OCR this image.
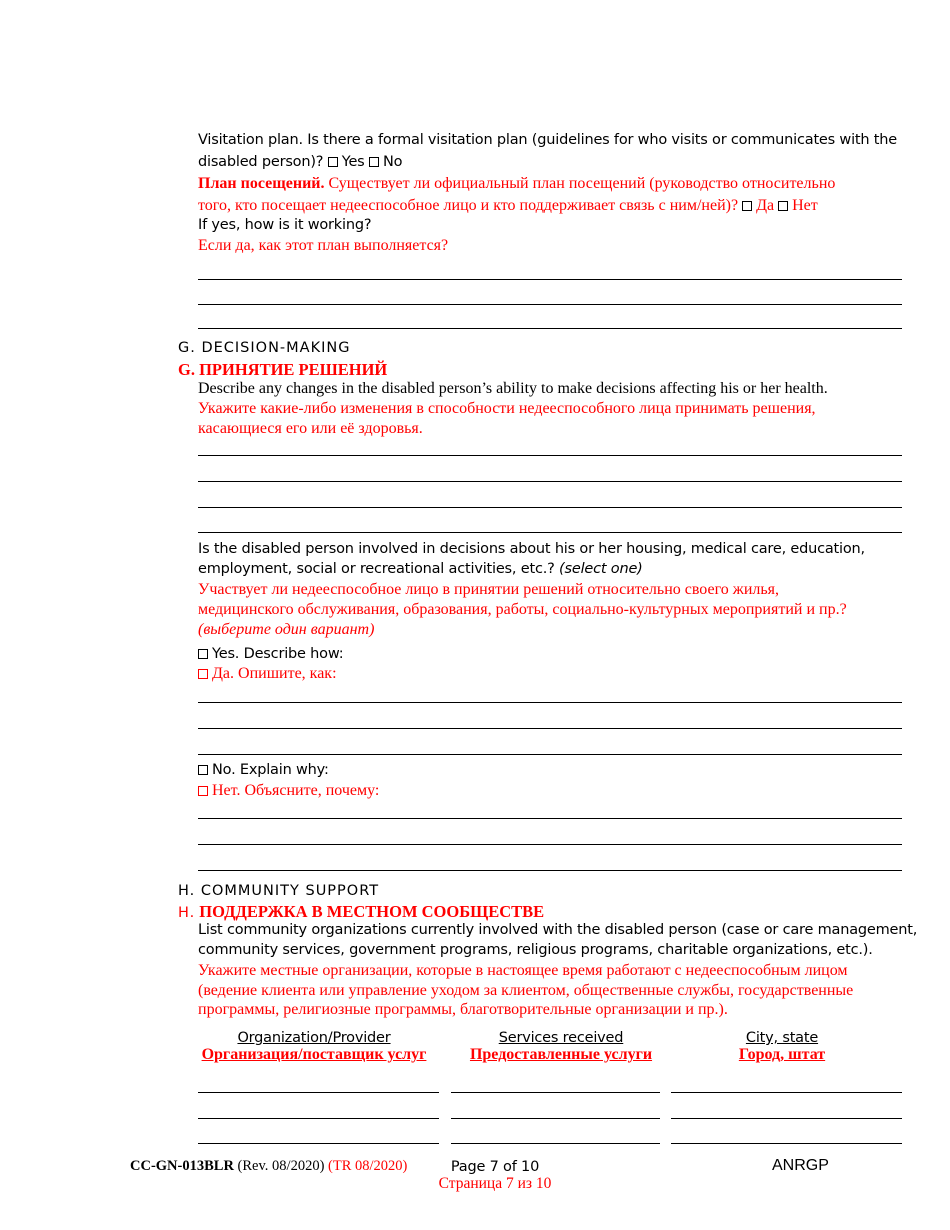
Visitation plan. Is there a formal visitation plan (guidelines for who visits or communicates with the
disabled person)? Yes No
План посещений. Существует ли официальный план посещений (руководство относительно
того, кто посещает недееспособное лицо и кто поддерживает связь с ним/ней)? Да Нет
If yes, how is it working?
Если да, как этот план выполняется?
G. DECISION-MAKING
G. ПРИНЯТИЕ РЕШЕНИЙ
Describe any changes in the disabled person’s ability to make decisions affecting his or her health.
Укажите какие-либо изменения в способности недееспособного лица принимать решения,
касающиеся его или её здоровья.
Is the disabled person involved in decisions about his or her housing, medical care, education,
employment, social or recreational activities, etc.? (select one)
Участвует ли недееспособное лицо в принятии решений относительно своего жилья,
медицинского обслуживания, образования, работы, социально-культурных мероприятий и пр.?
(выберите один вариант)
Yes. Describe how:
Да. Опишите, как:
No. Explain why:
Нет. Объясните, почему:
H. COMMUNITY SUPPORT
H. ПОДДЕРЖКА В МЕСТНОМ СООБЩЕСТВЕ
List community organizations currently involved with the disabled person (case or care management,
community services, government programs, religious programs, charitable organizations, etc.).
Укажите местные организации, которые в настоящее время работают с недееспособным лицом
(ведение клиента или управление уходом за клиентом, общественные службы, государственные
программы, религиозные программы, благотворительные организации и пр.).
Organization/Provider
Организация/поставщик услуг
Services received
Предоставленные услуги
City, state
Город, штат
CC-GN-013BLR (Rev. 08/2020) (TR 08/2020)	Page 7 of 10
Страница 7 из 10
ANRGP
